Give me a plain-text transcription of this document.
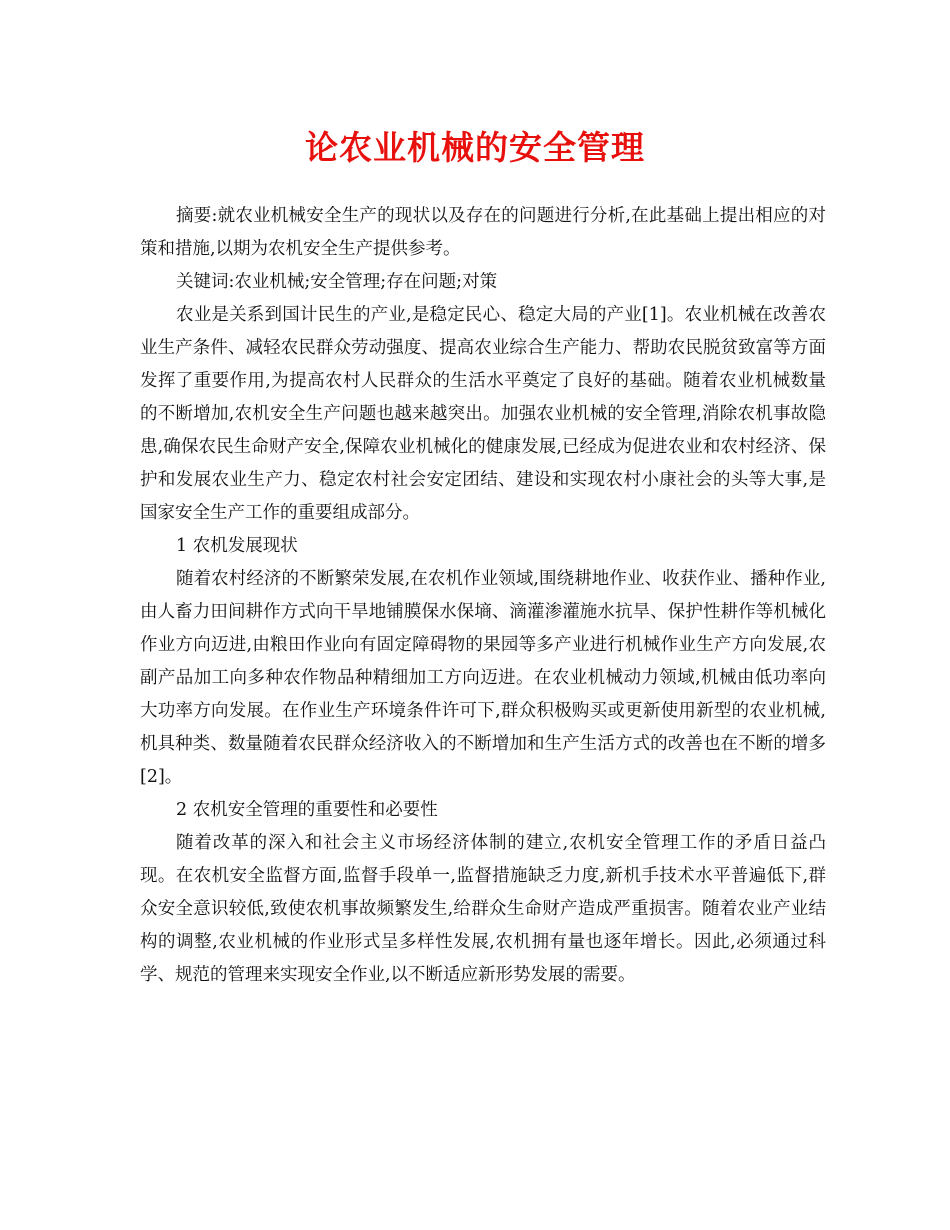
论农业机械的安全管理

摘要:就农业机械安全生产的现状以及存在的问题进行分析,在此基础上提出相应的对策和措施,以期为农机安全生产提供参考。

关键词:农业机械;安全管理;存在问题;对策

农业是关系到国计民生的产业,是稳定民心、稳定大局的产业[1]。农业机械在改善农业生产条件、减轻农民群众劳动强度、提高农业综合生产能力、帮助农民脱贫致富等方面发挥了重要作用,为提高农村人民群众的生活水平奠定了良好的基础。随着农业机械数量的不断增加,农机安全生产问题也越来越突出。加强农业机械的安全管理,消除农机事故隐患,确保农民生命财产安全,保障农业机械化的健康发展,已经成为促进农业和农村经济、保护和发展农业生产力、稳定农村社会安定团结、建设和实现农村小康社会的头等大事,是国家安全生产工作的重要组成部分。

1 农机发展现状

随着农村经济的不断繁荣发展,在农机作业领域,围绕耕地作业、收获作业、播种作业,由人畜力田间耕作方式向干旱地铺膜保水保墒、滴灌渗灌施水抗旱、保护性耕作等机械化作业方向迈进,由粮田作业向有固定障碍物的果园等多产业进行机械作业生产方向发展,农副产品加工向多种农作物品种精细加工方向迈进。在农业机械动力领域,机械由低功率向大功率方向发展。在作业生产环境条件许可下,群众积极购买或更新使用新型的农业机械,机具种类、数量随着农民群众经济收入的不断增加和生产生活方式的改善也在不断的增多[2]。

2 农机安全管理的重要性和必要性

随着改革的深入和社会主义市场经济体制的建立,农机安全管理工作的矛盾日益凸现。在农机安全监督方面,监督手段单一,监督措施缺乏力度,新机手技术水平普遍低下,群众安全意识较低,致使农机事故频繁发生,给群众生命财产造成严重损害。随着农业产业结构的调整,农业机械的作业形式呈多样性发展,农机拥有量也逐年增长。因此,必须通过科学、规范的管理来实现安全作业,以不断适应新形势发展的需要。
